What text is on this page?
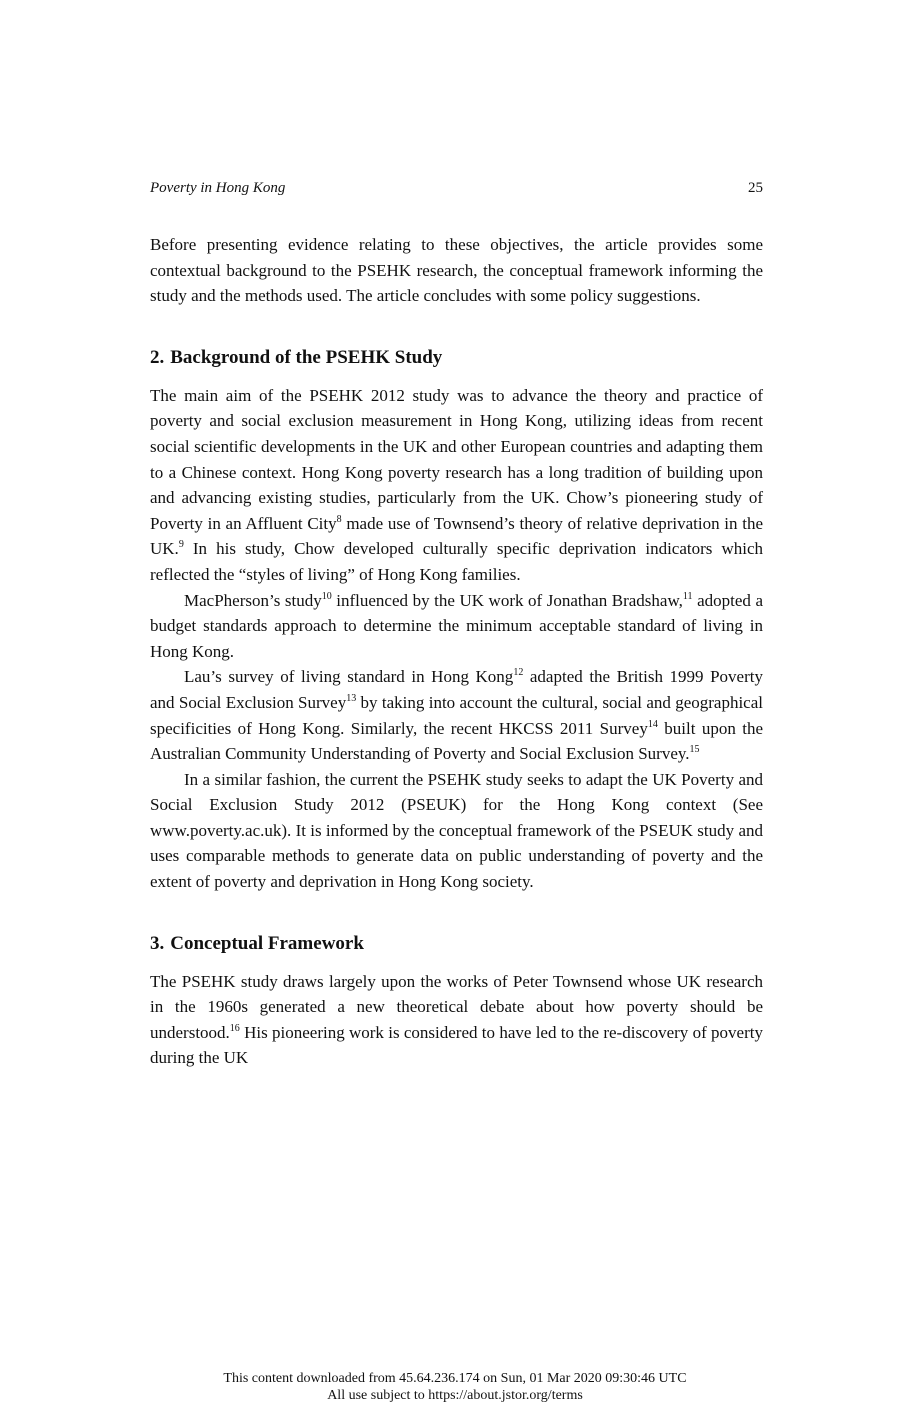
Poverty in Hong Kong	25

Before presenting evidence relating to these objectives, the article provides some contextual background to the PSEHK research, the conceptual framework informing the study and the methods used. The article concludes with some policy suggestions.

2. Background of the PSEHK Study

The main aim of the PSEHK 2012 study was to advance the theory and practice of poverty and social exclusion measurement in Hong Kong, utilizing ideas from recent social scientific developments in the UK and other European countries and adapting them to a Chinese context. Hong Kong poverty research has a long tradition of building upon and advancing existing studies, particularly from the UK. Chow’s pioneering study of Poverty in an Affluent City$^8$ made use of Townsend’s theory of relative deprivation in the UK.$^9$ In his study, Chow developed culturally specific deprivation indicators which reflected the “styles of living” of Hong Kong families.

MacPherson’s study$^{10}$ influenced by the UK work of Jonathan Bradshaw,$^{11}$ adopted a budget standards approach to determine the minimum acceptable standard of living in Hong Kong.

Lau’s survey of living standard in Hong Kong$^{12}$ adapted the British 1999 Poverty and Social Exclusion Survey$^{13}$ by taking into account the cultural, social and geographical specificities of Hong Kong. Similarly, the recent HKCSS 2011 Survey$^{14}$ built upon the Australian Community Understanding of Poverty and Social Exclusion Survey.$^{15}$

In a similar fashion, the current the PSEHK study seeks to adapt the UK Poverty and Social Exclusion Study 2012 (PSEUK) for the Hong Kong context (See www.poverty.ac.uk). It is informed by the conceptual framework of the PSEUK study and uses comparable methods to generate data on public understanding of poverty and the extent of poverty and deprivation in Hong Kong society.

3. Conceptual Framework

The PSEHK study draws largely upon the works of Peter Townsend whose UK research in the 1960s generated a new theoretical debate about how poverty should be understood.$^{16}$ His pioneering work is considered to have led to the re-discovery of poverty during the UK

This content downloaded from 45.64.236.174 on Sun, 01 Mar 2020 09:30:46 UTC
All use subject to https://about.jstor.org/terms
